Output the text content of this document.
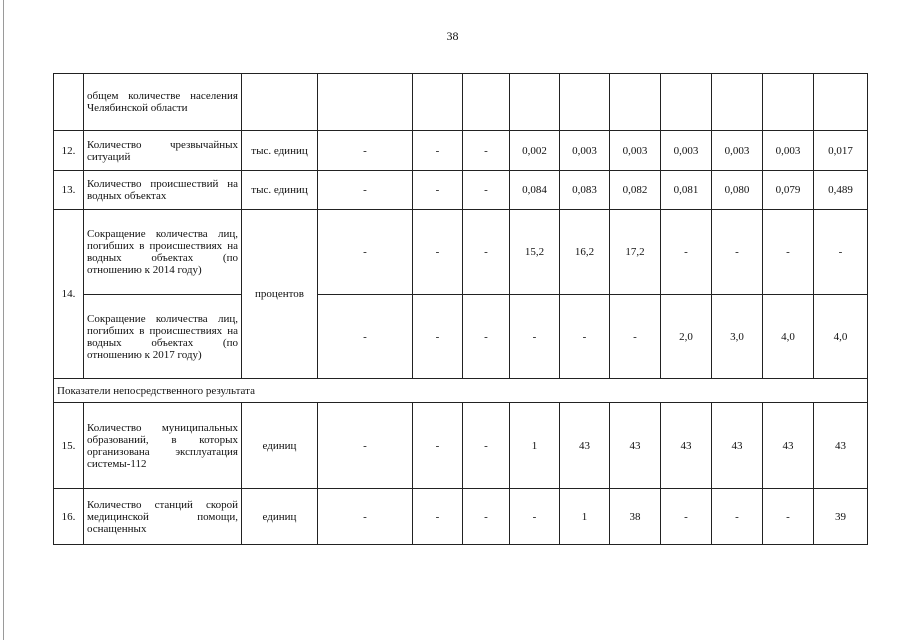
38
	общем количестве населения Челябинской области											
12.	Количество чрезвычайных ситуаций	тыс. единиц	-	-	-	0,002	0,003	0,003	0,003	0,003	0,003	0,017
13.	Количество происшествий на водных объектах	тыс. единиц	-	-	-	0,084	0,083	0,082	0,081	0,080	0,079	0,489
14.	Сокращение количества лиц, погибших в происшествиях на водных объектах (по отношению к 2014 году)	процентов	-	-	-	15,2	16,2	17,2	-	-	-	-
	Сокращение количества лиц, погибших в происшествиях на водных объектах (по отношению к 2017 году)		-	-	-	-	-	-	2,0	3,0	4,0	4,0
Показатели непосредственного результата												
15.	Количество муниципальных образований, в которых организована эксплуатация системы-112	единиц	-	-	-	1	43	43	43	43	43	43
16.	Количество станций скорой медицинской помощи, оснащенных	единиц	-	-	-	-	1	38	-	-	-	39
